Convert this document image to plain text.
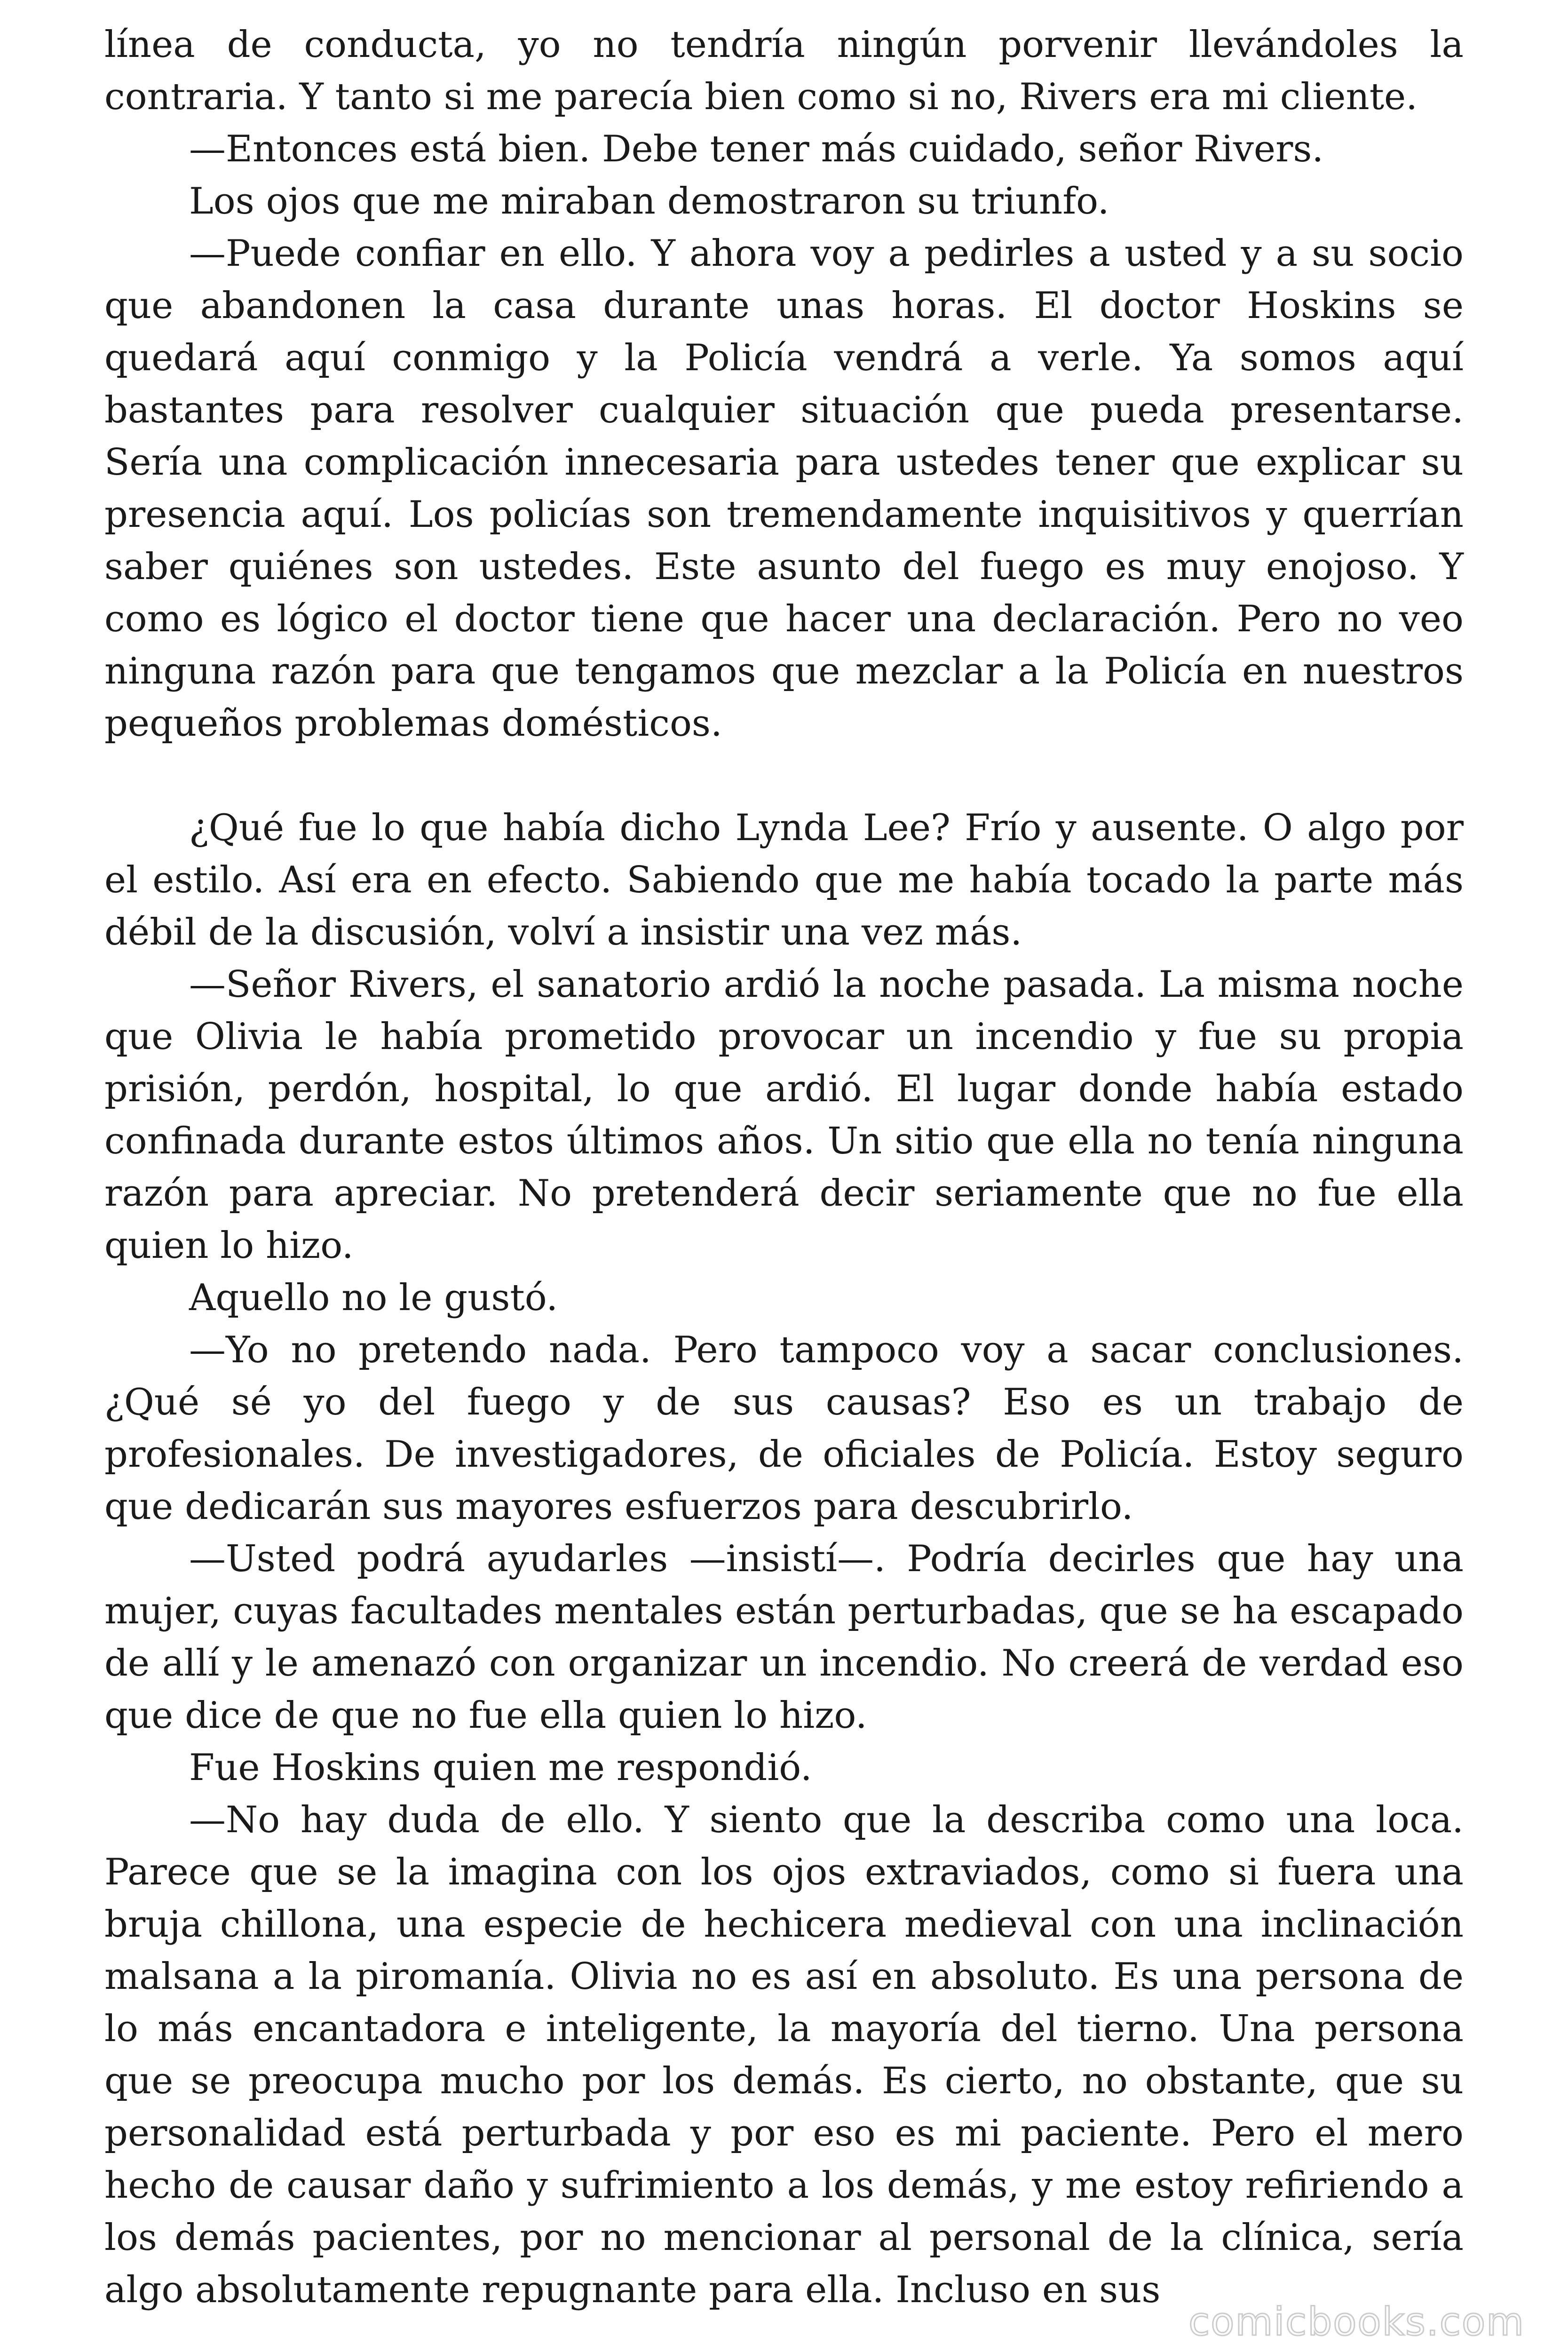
línea de conducta, yo no tendría ningún porvenir llevándoles la contraria. Y tanto si me parecía bien como si no, Rivers era mi cliente.

—Entonces está bien. Debe tener más cuidado, señor Rivers.

Los ojos que me miraban demostraron su triunfo.

—Puede confiar en ello. Y ahora voy a pedirles a usted y a su socio que abandonen la casa durante unas horas. El doctor Hoskins se quedará aquí conmigo y la Policía vendrá a verle. Ya somos aquí bastantes para resolver cualquier situación que pueda presentarse. Sería una complicación innecesaria para ustedes tener que explicar su presencia aquí. Los policías son tremendamente inquisitivos y querrían saber quiénes son ustedes. Este asunto del fuego es muy enojoso. Y como es lógico el doctor tiene que hacer una declaración. Pero no veo ninguna razón para que tengamos que mezclar a la Policía en nuestros pequeños problemas domésticos.

¿Qué fue lo que había dicho Lynda Lee? Frío y ausente. O algo por el estilo. Así era en efecto. Sabiendo que me había tocado la parte más débil de la discusión, volví a insistir una vez más.

—Señor Rivers, el sanatorio ardió la noche pasada. La misma noche que Olivia le había prometido provocar un incendio y fue su propia prisión, perdón, hospital, lo que ardió. El lugar donde había estado confinada durante estos últimos años. Un sitio que ella no tenía ninguna razón para apreciar. No pretenderá decir seriamente que no fue ella quien lo hizo.

Aquello no le gustó.

—Yo no pretendo nada. Pero tampoco voy a sacar conclusiones. ¿Qué sé yo del fuego y de sus causas? Eso es un trabajo de profesionales. De investigadores, de oficiales de Policía. Estoy seguro que dedicarán sus mayores esfuerzos para descubrirlo.

—Usted podrá ayudarles —insistí—. Podría decirles que hay una mujer, cuyas facultades mentales están perturbadas, que se ha escapado de allí y le amenazó con organizar un incendio. No creerá de verdad eso que dice de que no fue ella quien lo hizo.

Fue Hoskins quien me respondió.

—No hay duda de ello. Y siento que la describa como una loca. Parece que se la imagina con los ojos extraviados, como si fuera una bruja chillona, una especie de hechicera medieval con una inclinación malsana a la piromanía. Olivia no es así en absoluto. Es una persona de lo más encantadora e inteligente, la mayoría del tierno. Una persona que se preocupa mucho por los demás. Es cierto, no obstante, que su personalidad está perturbada y por eso es mi paciente. Pero el mero hecho de causar daño y sufrimiento a los demás, y me estoy refiriendo a los demás pacientes, por no mencionar al personal de la clínica, sería algo absolutamente repugnante para ella. Incluso en sus

comicbooks.com
